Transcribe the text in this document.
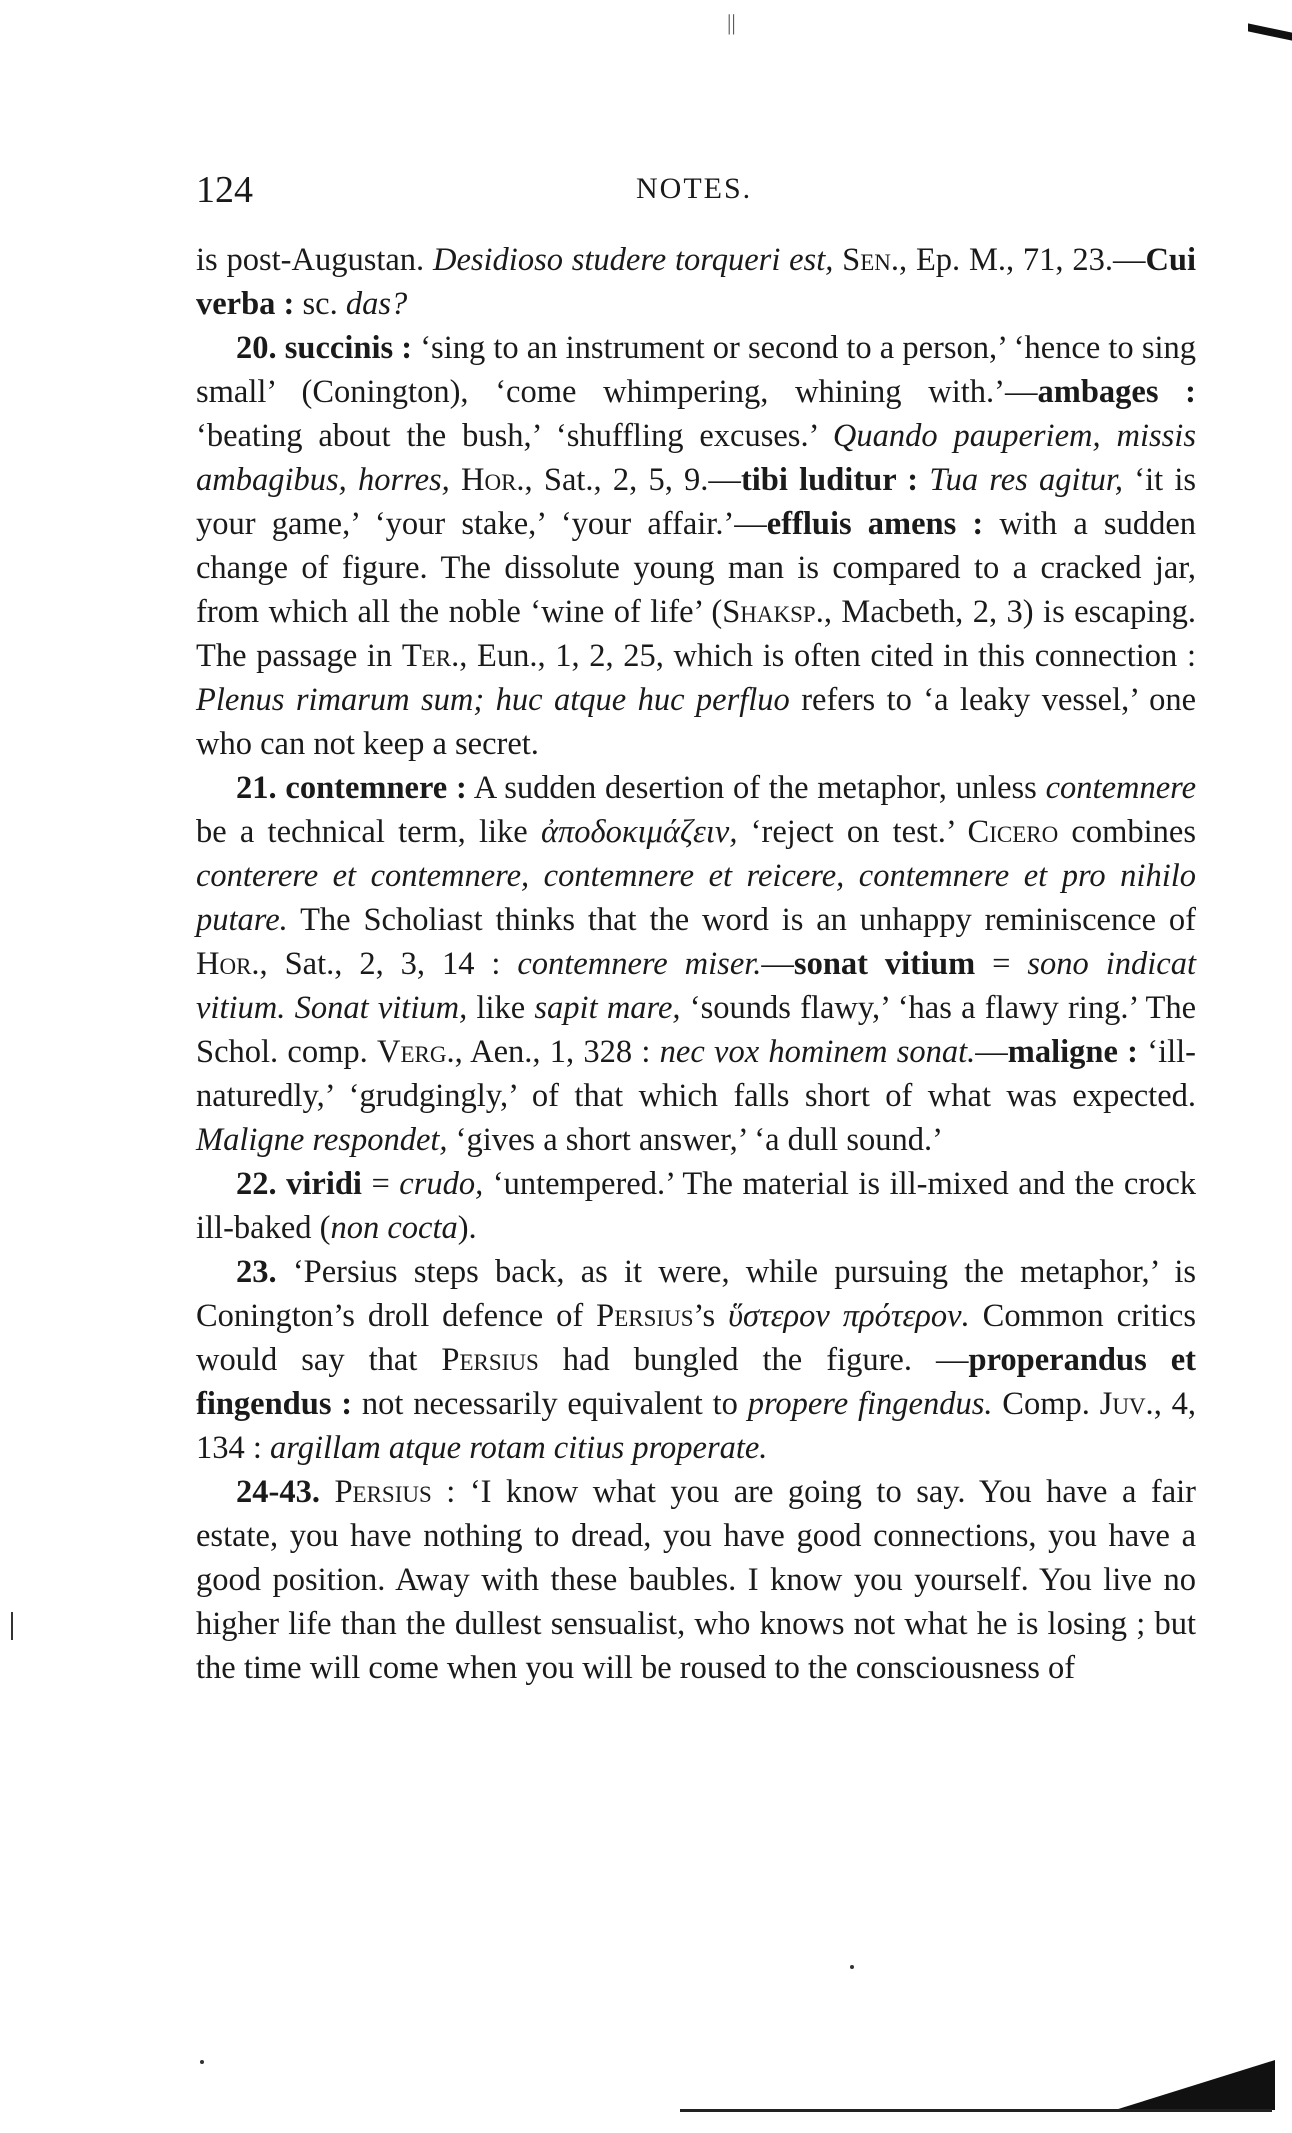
||
124	NOTES.

is post-Augustan. Desidioso studere torqueri est, Sen., Ep. M., 71, 23.—Cui verba : sc. das?

20. succinis : ‘sing to an instrument or second to a person,’ ‘hence to sing small’ (Conington), ‘come whimpering, whining with.’—ambages : ‘beating about the bush,’ ‘shuffling excuses.’ Quando pauperiem, missis ambagibus, horres, Hor., Sat., 2, 5, 9.—tibi luditur : Tua res agitur, ‘it is your game,’ ‘your stake,’ ‘your affair.’—effluis amens : with a sudden change of figure. The dissolute young man is compared to a cracked jar, from which all the noble ‘wine of life’ (Shaksp., Macbeth, 2, 3) is escaping. The passage in Ter., Eun., 1, 2, 25, which is often cited in this connection : Plenus rimarum sum; huc atque huc perfluo refers to ‘a leaky vessel,’ one who can not keep a secret.

21. contemnere : A sudden desertion of the metaphor, unless contemnere be a technical term, like ἀποδοκιμάζειν, ‘reject on test.’ Cicero combines conterere et contemnere, contemnere et reicere, contemnere et pro nihilo putare. The Scholiast thinks that the word is an unhappy reminiscence of Hor., Sat., 2, 3, 14 : contemnere miser.—sonat vitium = sono indicat vitium. Sonat vitium, like sapit mare, ‘sounds flawy,’ ‘has a flawy ring.’ The Schol. comp. Verg., Aen., 1, 328 : nec vox hominem sonat.—maligne : ‘ill-naturedly,’ ‘grudgingly,’ of that which falls short of what was expected. Maligne respondet, ‘gives a short answer,’ ‘a dull sound.’

22. viridi = crudo, ‘untempered.’ The material is ill-mixed and the crock ill-baked (non cocta).

23. ‘Persius steps back, as it were, while pursuing the metaphor,’ is Conington’s droll defence of Persius’s ὕστερον πρότερον. Common critics would say that Persius had bungled the figure. —properandus et fingendus : not necessarily equivalent to propere fingendus. Comp. Juv., 4, 134 : argillam atque rotam citius properate.

24-43. Persius : ‘I know what you are going to say. You have a fair estate, you have nothing to dread, you have good connections, you have a good position. Away with these baubles. I know you yourself. You live no higher life than the dullest sensualist, who knows not what he is losing ; but the time will come when you will be roused to the consciousness of
